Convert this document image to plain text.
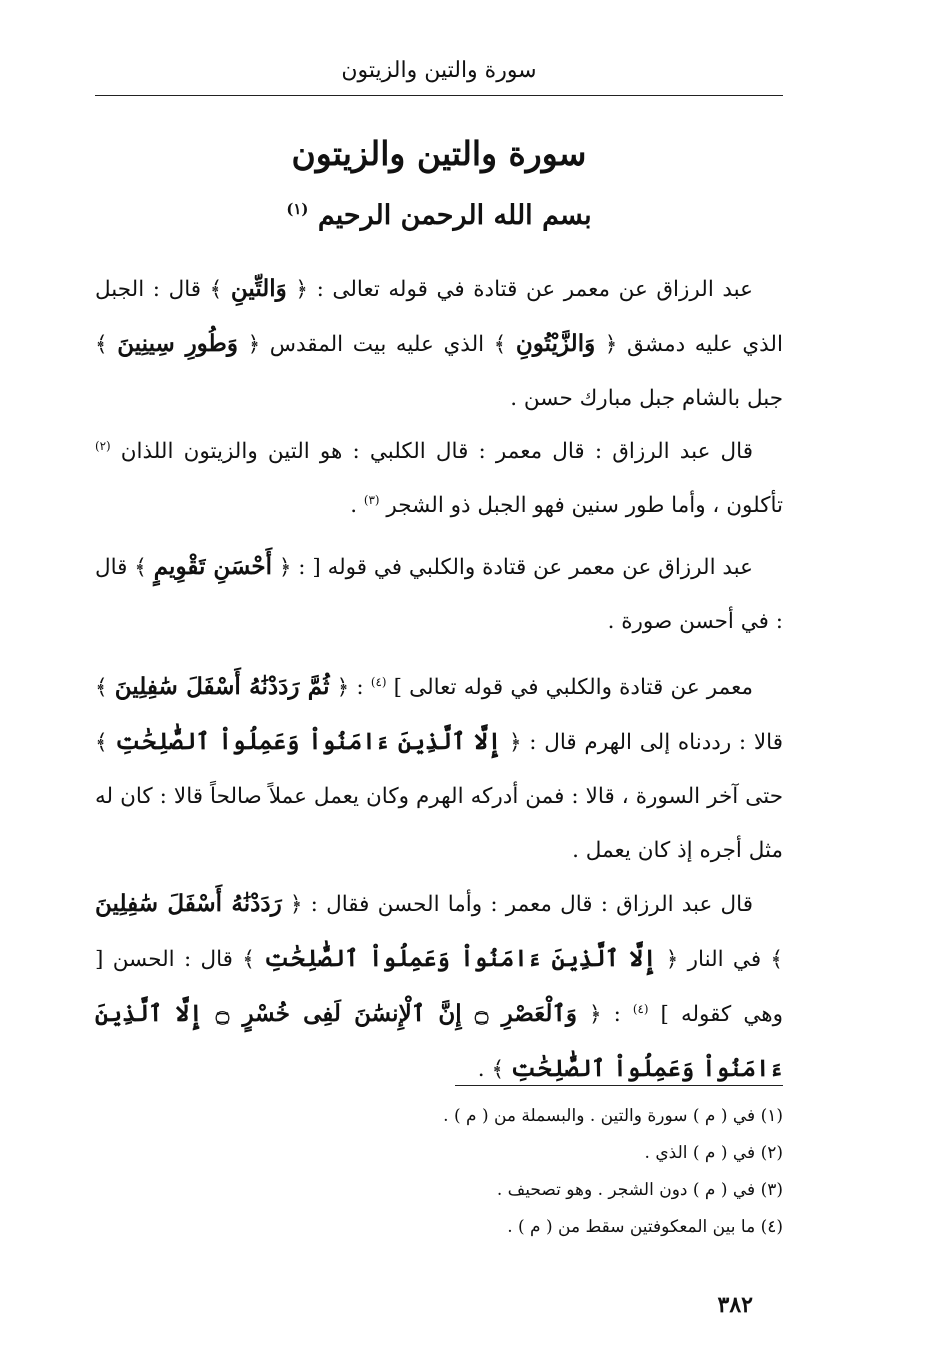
سورة والتين والزيتون
سورة والتين والزيتون
بسم الله الرحمن الرحيم $^{(١)}$
عبد الرزاق عن معمر عن قتادة في قوله تعالى : ﴿ وَالتِّينِ ﴾ قال : الجبل الذي عليه دمشق ﴿ وَالزَّيْتُونِ ﴾ الذي عليه بيت المقدس ﴿ وَطُورِ سِينِينَ ﴾ جبل بالشام جبل مبارك حسن .
قال عبد الرزاق : قال معمر : قال الكلبي : هو التين والزيتون اللذان $^{(٢)}$ تأكلون ، وأما طور سنين فهو الجبل ذو الشجر $^{(٣)}$ .
عبد الرزاق عن معمر عن قتادة والكلبي في قوله [ : ﴿ أَحْسَنِ تَقْوِيمٍ ﴾ قال : في أحسن صورة .
معمر عن قتادة والكلبي في قوله تعالى ] $^{(٤)}$ : ﴿ ثُمَّ رَدَدْنَٰهُ أَسْفَلَ سَٰفِلِينَ ﴾ قالا : رددناه إلى الهرم قال : ﴿ إِلَّا ٱلَّذِينَ ءَامَنُواْ وَعَمِلُواْ ٱلصَّٰلِحَٰتِ ﴾ حتى آخر السورة ، قالا : فمن أدركه الهرم وكان يعمل عملاً صالحاً قالا : كان له مثل أجره إذ كان يعمل .
قال عبد الرزاق : قال معمر : وأما الحسن فقال : ﴿ رَدَدْنَٰهُ أَسْفَلَ سَٰفِلِينَ ﴾ في النار ﴿ إِلَّا ٱلَّذِينَ ءَامَنُواْ وَعَمِلُواْ ٱلصَّٰلِحَٰتِ ﴾ قال : الحسن [ وهي كقوله ] $^{(٤)}$ : ﴿ وَٱلْعَصْرِ ۝ إِنَّ ٱلْإِنسَٰنَ لَفِى خُسْرٍ ۝ إِلَّا ٱلَّذِينَ ءَامَنُواْ وَعَمِلُواْ ٱلصَّٰلِحَٰتِ ﴾ .
(١) في ( م ) سورة والتين . والبسملة من ( م ) .
(٢) في ( م ) الذي .
(٣) في ( م ) دون الشجر . وهو تصحيف .
(٤) ما بين المعكوفتين سقط من ( م ) .
٣٨٢
